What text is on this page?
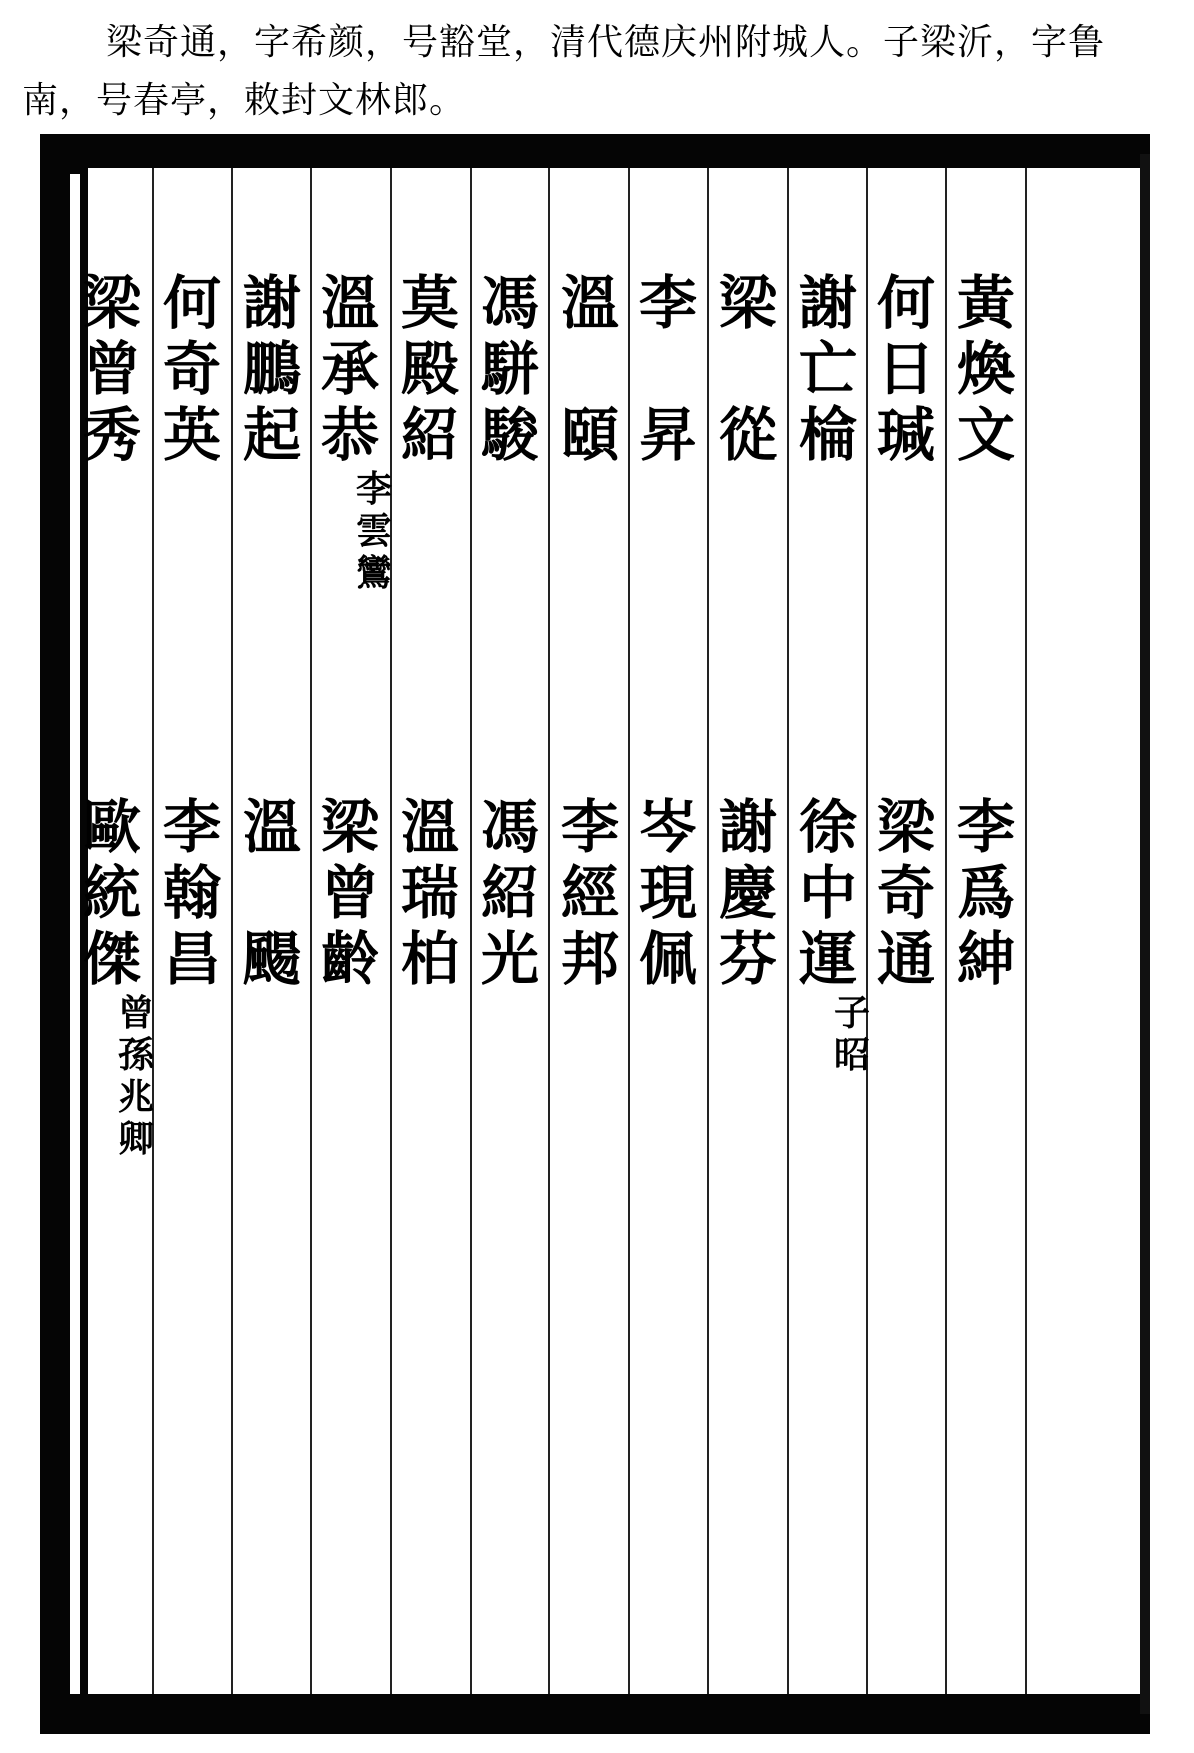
梁奇通，字希颜，号豁堂，清代德庆州附城人。子梁沂，字鲁南，号春亭，敕封文林郎。
黃
煥
文
李
爲
紳
何
日
瑊
梁
奇
通
謝
亡
棆
徐
中
運
子
昭
梁

從
謝
慶
芬
李

昇
岑
現
佩
溫

頤
李
經
邦
馮
駢
駿
馮
紹
光
莫
殿
紹
溫
瑞
柏
溫
承
恭
梁
曾
齡
李
雲
鸞
謝
鵬
起
溫

颺
何
奇
英
李
翰
昌
梁
曾
秀
歐
統
傑
曾
孫
兆
卿
